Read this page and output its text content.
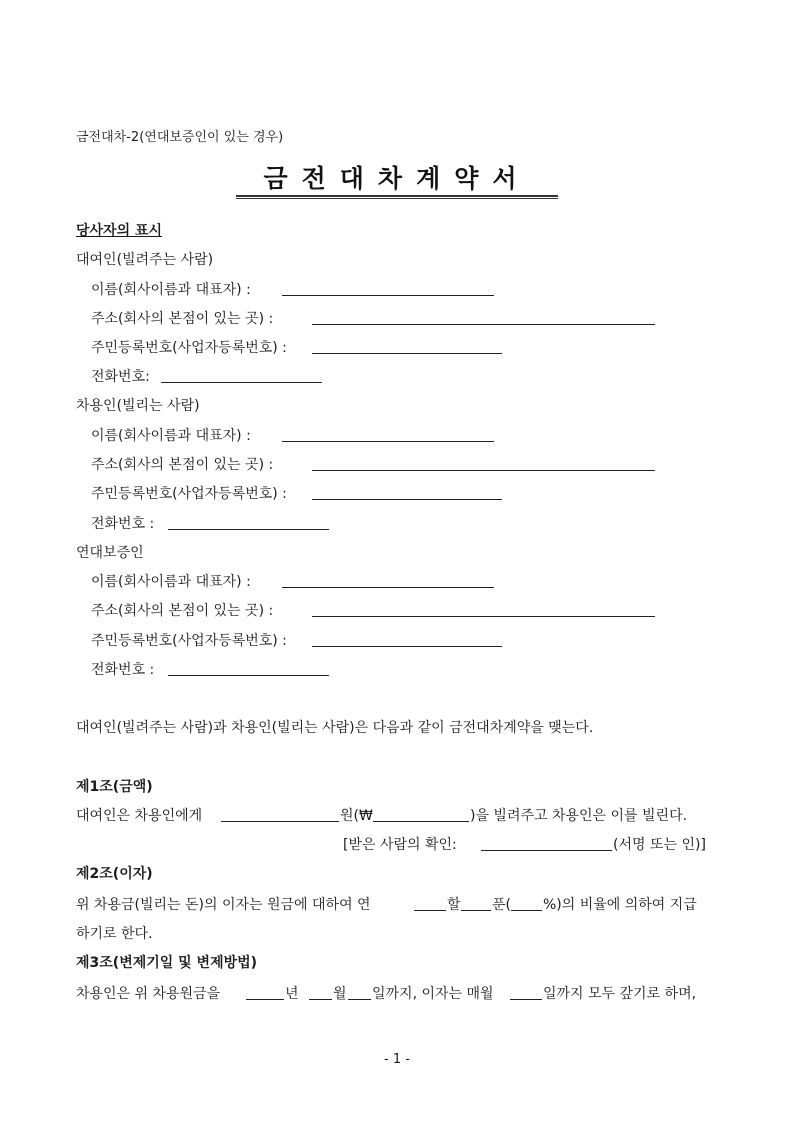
금전대차-2(연대보증인이 있는 경우)
금전대차계약서
당사자의 표시
대여인(빌려주는 사람)
이름(회사이름과 대표자) :
주소(회사의 본점이 있는 곳) :
주민등록번호(사업자등록번호) :
전화번호:
차용인(빌리는 사람)
이름(회사이름과 대표자) :
주소(회사의 본점이 있는 곳) :
주민등록번호(사업자등록번호) :
전화번호 :
연대보증인
이름(회사이름과 대표자) :
주소(회사의 본점이 있는 곳) :
주민등록번호(사업자등록번호) :
전화번호 :
대여인(빌려주는 사람)과 차용인(빌리는 사람)은 다음과 같이 금전대차계약을 맺는다.
제1조(금액)
대여인은 차용인에게	원(₩	)을 빌려주고 차용인은 이를 빌린다.
[받은 사람의 확인:	(서명 또는 인)]
제2조(이자)
위 차용금(빌리는 돈)의 이자는 원금에 대하여 연	할 푼( %)의 비율에 의하여 지급
하기로 한다.
제3조(변제기일 및 변제방법)
차용인은 위 차용원금을	년 월 일까지, 이자는 매월	일까지 모두 갚기로 하며,
- 1 -
